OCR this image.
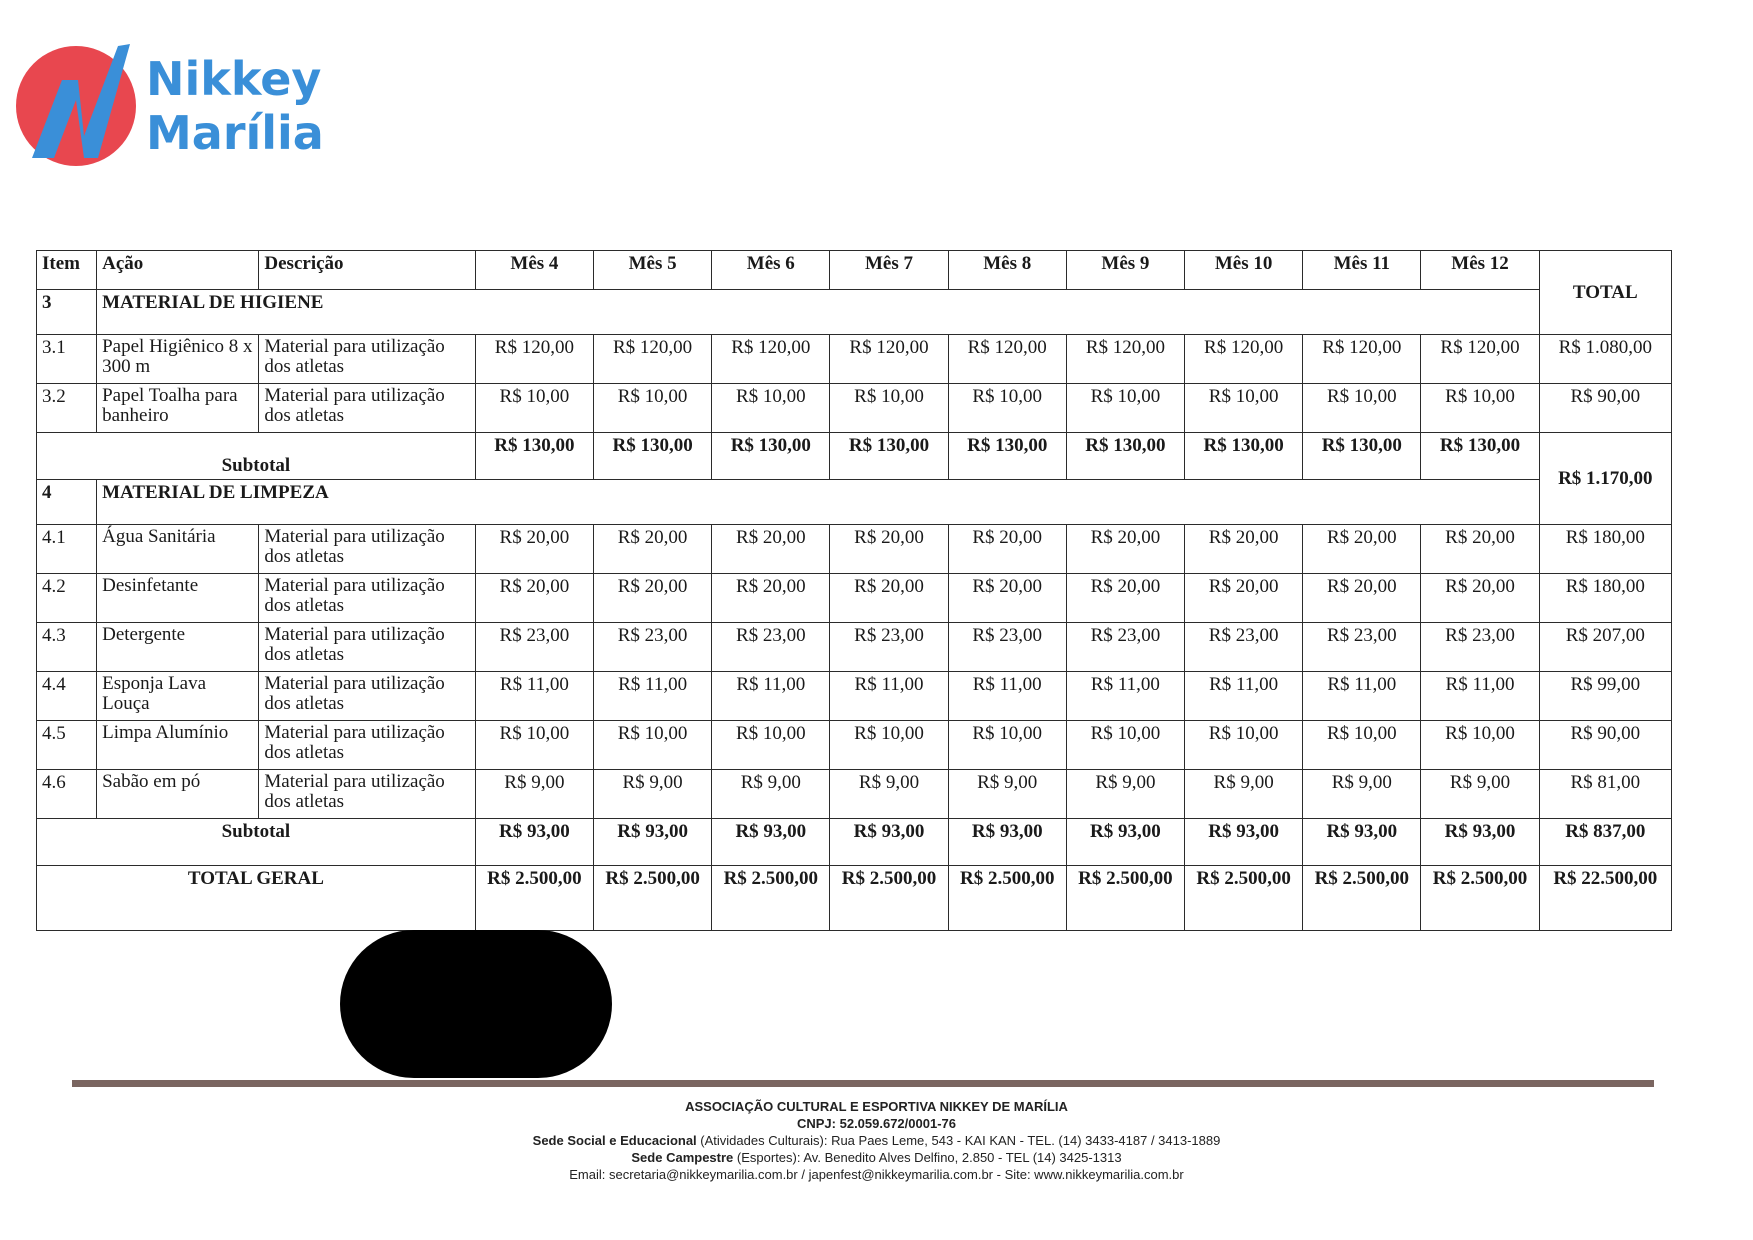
Nikkey
Marília
Item	Ação	Descrição	Mês 4	Mês 5	Mês 6	Mês 7	Mês 8	Mês 9	Mês 10	Mês 11	Mês 12	TOTAL
3	MATERIAL DE HIGIENE											
3.1	Papel Higiênico 8 x 300 m	Material para utilização dos atletas	R$ 120,00	R$ 120,00	R$ 120,00	R$ 120,00	R$ 120,00	R$ 120,00	R$ 120,00	R$ 120,00	R$ 120,00	R$ 1.080,00
3.2	Papel Toalha para banheiro	Material para utilização dos atletas	R$ 10,00	R$ 10,00	R$ 10,00	R$ 10,00	R$ 10,00	R$ 10,00	R$ 10,00	R$ 10,00	R$ 10,00	R$ 90,00
Subtotal			R$ 130,00	R$ 130,00	R$ 130,00	R$ 130,00	R$ 130,00	R$ 130,00	R$ 130,00	R$ 130,00	R$ 130,00	R$ 1.170,00
4	MATERIAL DE LIMPEZA											
4.1	Água Sanitária	Material para utilização dos atletas	R$ 20,00	R$ 20,00	R$ 20,00	R$ 20,00	R$ 20,00	R$ 20,00	R$ 20,00	R$ 20,00	R$ 20,00	R$ 180,00
4.2	Desinfetante	Material para utilização dos atletas	R$ 20,00	R$ 20,00	R$ 20,00	R$ 20,00	R$ 20,00	R$ 20,00	R$ 20,00	R$ 20,00	R$ 20,00	R$ 180,00
4.3	Detergente	Material para utilização dos atletas	R$ 23,00	R$ 23,00	R$ 23,00	R$ 23,00	R$ 23,00	R$ 23,00	R$ 23,00	R$ 23,00	R$ 23,00	R$ 207,00
4.4	Esponja Lava Louça	Material para utilização dos atletas	R$ 11,00	R$ 11,00	R$ 11,00	R$ 11,00	R$ 11,00	R$ 11,00	R$ 11,00	R$ 11,00	R$ 11,00	R$ 99,00
4.5	Limpa Alumínio	Material para utilização dos atletas	R$ 10,00	R$ 10,00	R$ 10,00	R$ 10,00	R$ 10,00	R$ 10,00	R$ 10,00	R$ 10,00	R$ 10,00	R$ 90,00
4.6	Sabão em pó	Material para utilização dos atletas	R$ 9,00	R$ 9,00	R$ 9,00	R$ 9,00	R$ 9,00	R$ 9,00	R$ 9,00	R$ 9,00	R$ 9,00	R$ 81,00
Subtotal			R$ 93,00	R$ 93,00	R$ 93,00	R$ 93,00	R$ 93,00	R$ 93,00	R$ 93,00	R$ 93,00	R$ 93,00	R$ 837,00
TOTAL GERAL			R$ 2.500,00	R$ 2.500,00	R$ 2.500,00	R$ 2.500,00	R$ 2.500,00	R$ 2.500,00	R$ 2.500,00	R$ 2.500,00	R$ 2.500,00	R$ 22.500,00
ASSOCIAÇÃO CULTURAL E ESPORTIVA NIKKEY DE MARÍLIA
CNPJ: 52.059.672/0001-76
Sede Social e Educacional (Atividades Culturais): Rua Paes Leme, 543 - KAI KAN - TEL. (14) 3433-4187 / 3413-1889
Sede Campestre (Esportes): Av. Benedito Alves Delfino, 2.850 - TEL (14) 3425-1313
Email: secretaria@nikkeymarilia.com.br / japenfest@nikkeymarilia.com.br - Site: www.nikkeymarilia.com.br
